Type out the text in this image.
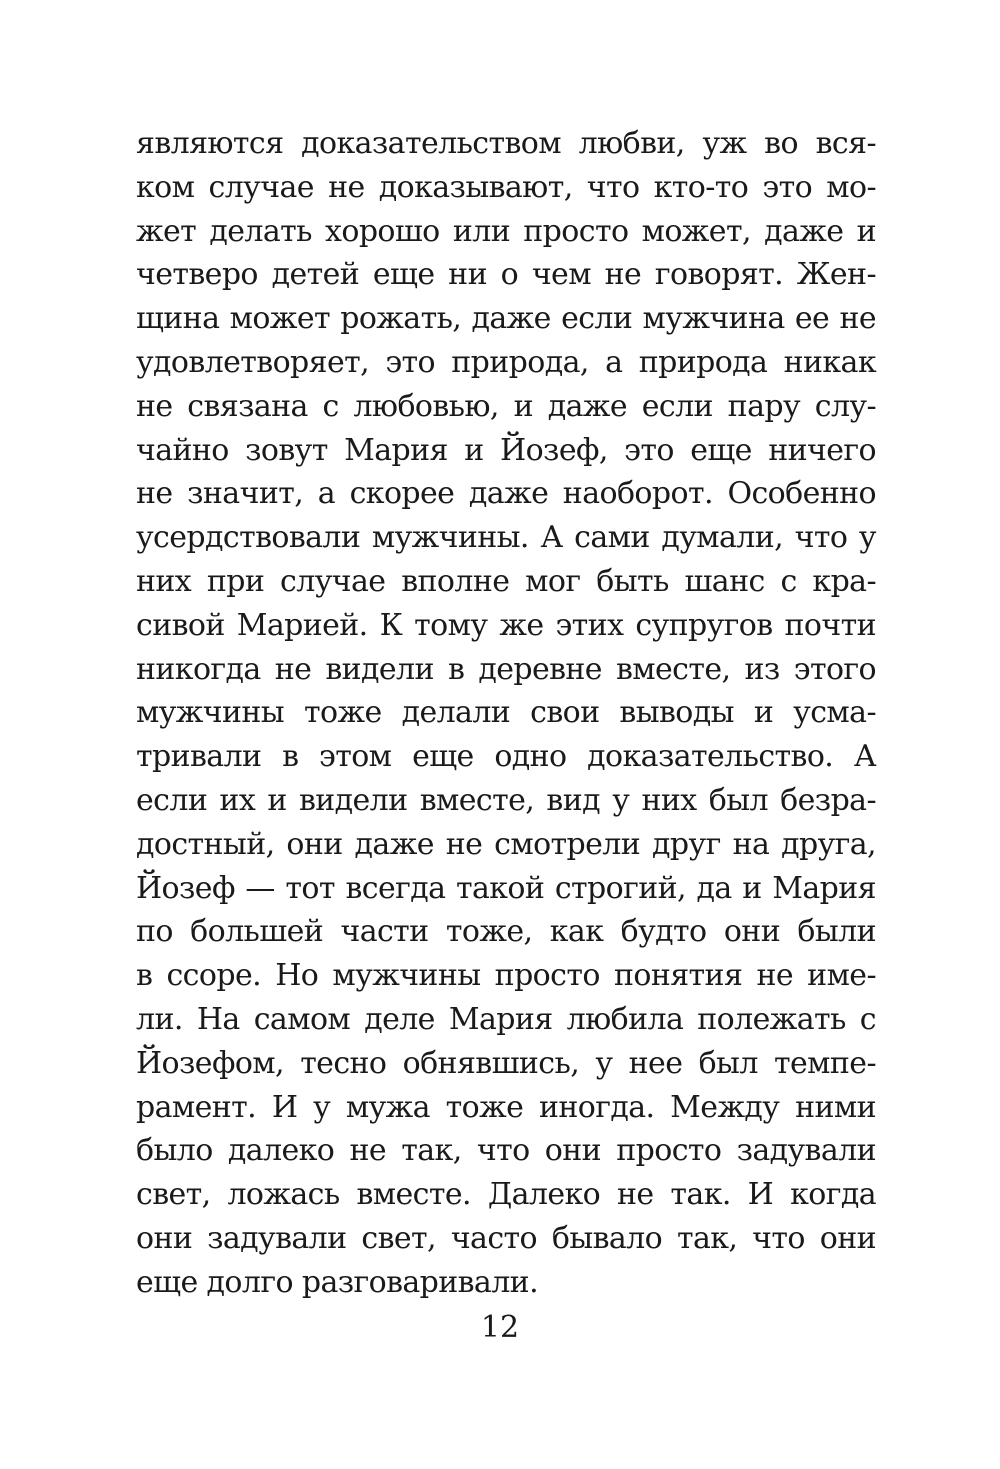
являются доказательством любви, уж во вся-
ком случае не доказывают, что кто-то это мо-
жет делать хорошо или просто может, даже и
четверо детей еще ни о чем не говорят. Жен-
щина может рожать, даже если мужчина ее не
удовлетворяет, это природа, а природа никак
не связана с любовью, и даже если пару слу-
чайно зовут Мария и Йозеф, это еще ничего
не значит, а скорее даже наоборот. Особенно
усердствовали мужчины. А сами думали, что у
них при случае вполне мог быть шанс с кра-
сивой Марией. К тому же этих супругов почти
никогда не видели в деревне вместе, из этого
мужчины тоже делали свои выводы и усма-
тривали в этом еще одно доказательство. А
если их и видели вместе, вид у них был безра-
достный, они даже не смотрели друг на друга,
Йозеф — тот всегда такой строгий, да и Мария
по большей части тоже, как будто они были
в ссоре. Но мужчины просто понятия не име-
ли. На самом деле Мария любила полежать с
Йозефом, тесно обнявшись, у нее был темпе-
рамент. И у мужа тоже иногда. Между ними
было далеко не так, что они просто задували
свет, ложась вместе. Далеко не так. И когда
они задували свет, часто бывало так, что они
еще долго разговаривали.
12
